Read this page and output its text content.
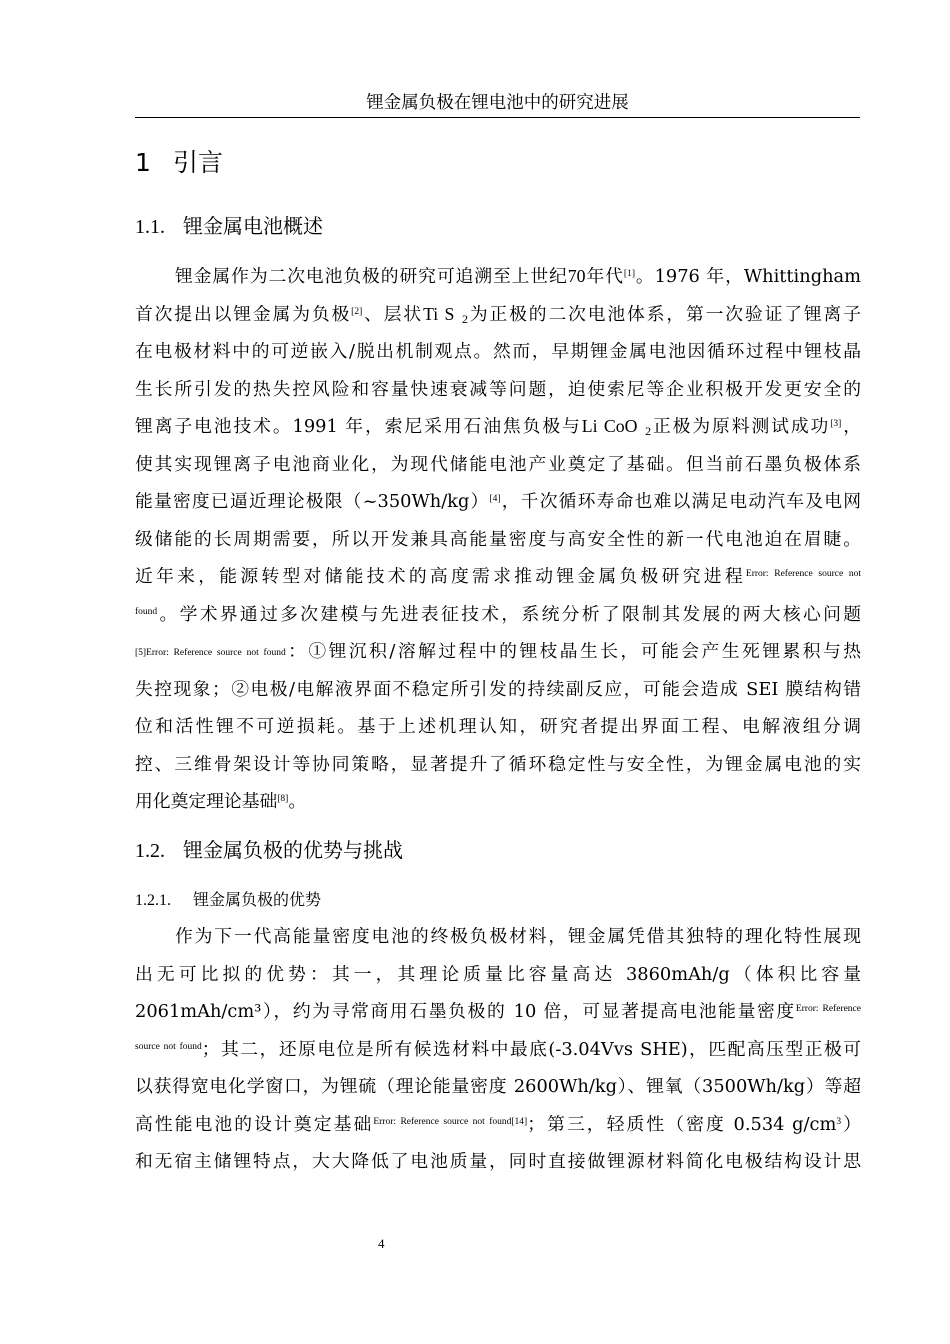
锂金属负极在锂电池中的研究进展
1 引言
1.1. 锂金属电池概述
锂金属作为二次电池负极的研究可追溯至上世纪70年代[1]。1976 年，Whittingham
首次提出以锂金属为负极[2]、层状Ti S $_2$为正极的二次电池体系，第一次验证了锂离子
在电极材料中的可逆嵌入/脱出机制观点。然而，早期锂金属电池因循环过程中锂枝晶
生长所引发的热失控风险和容量快速衰减等问题，迫使索尼等企业积极开发更安全的
锂离子电池技术。1991 年，索尼采用石油焦负极与Li CoO $_2$正极为原料测试成功[3]，
使其实现锂离子电池商业化，为现代储能电池产业奠定了基础。但当前石墨负极体系
能量密度已逼近理论极限（~350Wh/kg）[4]，千次循环寿命也难以满足电动汽车及电网
级储能的长周期需要，所以开发兼具高能量密度与高安全性的新一代电池迫在眉睫。
近年来，能源转型对储能技术的高度需求推动锂金属负极研究进程$^{Error: Reference source not}$
$^{found}$。学术界通过多次建模与先进表征技术，系统分析了限制其发展的两大核心问题
[5]Error: Reference source not found：①锂沉积/溶解过程中的锂枝晶生长，可能会产生死锂累积与热
失控现象；②电极/电解液界面不稳定所引发的持续副反应，可能会造成 SEI 膜结构错
位和活性锂不可逆损耗。基于上述机理认知，研究者提出界面工程、电解液组分调
控、三维骨架设计等协同策略，显著提升了循环稳定性与安全性，为锂金属电池的实
用化奠定理论基础[8]。
1.2. 锂金属负极的优势与挑战
1.2.1. 锂金属负极的优势
作为下一代高能量密度电池的终极负极材料，锂金属凭借其独特的理化特性展现
出无可比拟的优势：其一，其理论质量比容量高达 3860mAh/g（体积比容量
2061mAh/cm³），约为寻常商用石墨负极的 10 倍，可显著提高电池能量密度$^{Error: Reference}$
$^{source not found}$；其二，还原电位是所有候选材料中最底(-3.04Vvs SHE)，匹配高压型正极可
以获得宽电化学窗口，为锂硫（理论能量密度 2600Wh/kg）、锂氧（3500Wh/kg）等超
高性能电池的设计奠定基础$^{Error: Reference source not found[14]}$；第三，轻质性（密度 0.534 $g/cm^3$）
和无宿主储锂特点，大大降低了电池质量，同时直接做锂源材料简化电极结构设计思
4
